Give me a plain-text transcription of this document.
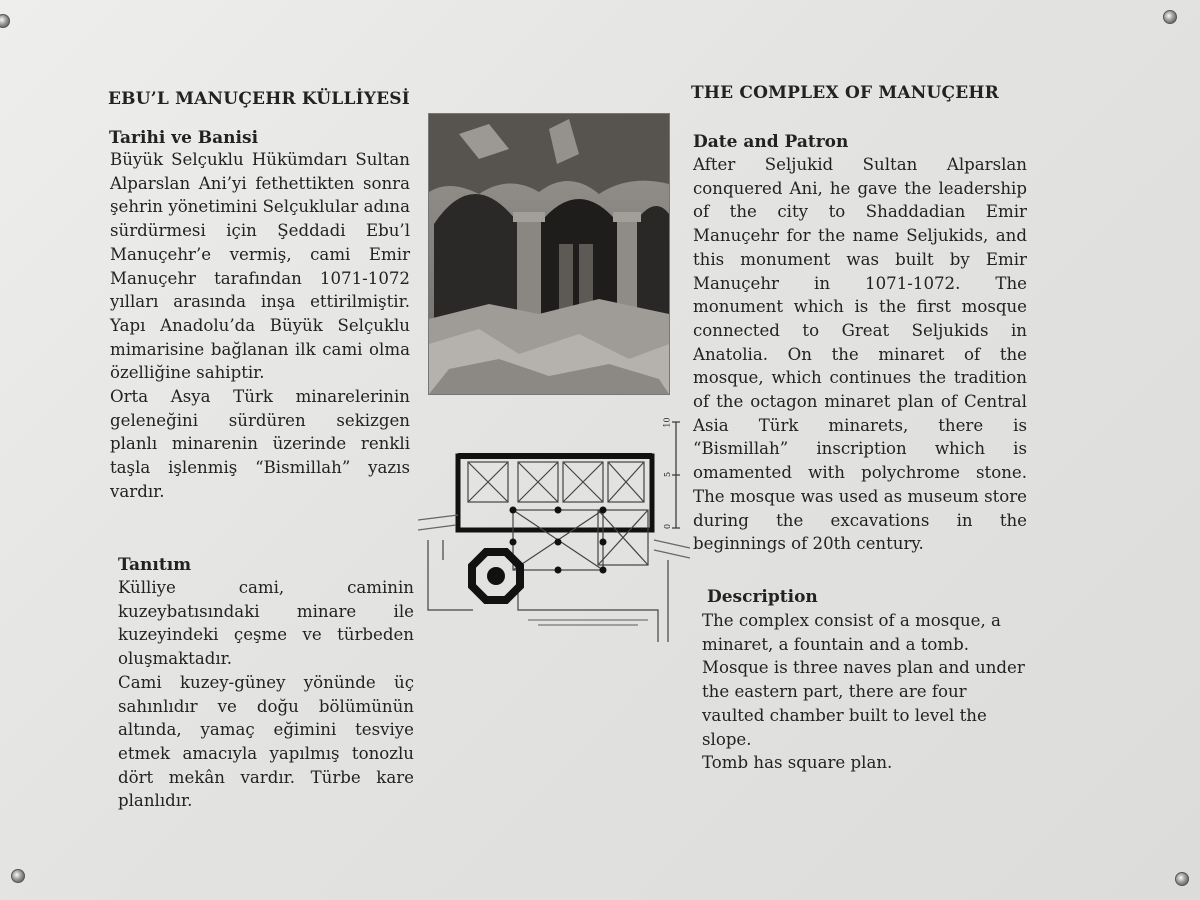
EBU’L MANUÇEHR KÜLLİYESİ
Tarihi ve Banisi
Büyük Selçuklu Hükümdarı Sultan Alparslan Ani’yi fethettikten sonra şehrin yönetimini Selçuklular adına sürdürmesi için Şeddadi Ebu’l Manuçehr’e vermiş, cami Emir Manuçehr tarafından 1071-1072 yılları arasında inşa ettirilmiştir. Yapı Anadolu’da Büyük Selçuklu mimarisine bağlanan ilk cami olma özelliğine sahiptir.
Orta Asya Türk minarelerinin geleneğini sürdüren sekizgen planlı minarenin üzerinde renkli taşla işlenmiş “Bismillah” yazıs vardır.
Tanıtım
Külliye cami, caminin kuzeybatısındaki minare ile kuzeyindeki çeşme ve türbeden oluşmaktadır.
Cami kuzey-güney yönünde üç sahınlıdır ve doğu bölümünün altında, yamaç eğimini tesviye etmek amacıyla yapılmış tonozlu dört mekân vardır. Türbe kare planlıdır.
10
5
0
THE COMPLEX OF MANUÇEHR
Date and Patron
After Seljukid Sultan Alparslan conquered Ani, he gave the leadership of the city to Shaddadian Emir Manuçehr for the name Seljukids, and this monument was built by Emir Manuçehr in 1071-1072. The monument which is the first mosque connected to Great Seljukids in Anatolia. On the minaret of the mosque, which continues the tradition of the octagon minaret plan of Central Asia Türk minarets, there is “Bismillah” inscription which is omamented with polychrome stone. The mosque was used as museum store during the excavations in the beginnings of 20th century.
Description
The complex consist of a mosque, a minaret, a fountain and a tomb.
Mosque is three naves plan and under the eastern part, there are four vaulted chamber built to level the slope.
Tomb has square plan.
